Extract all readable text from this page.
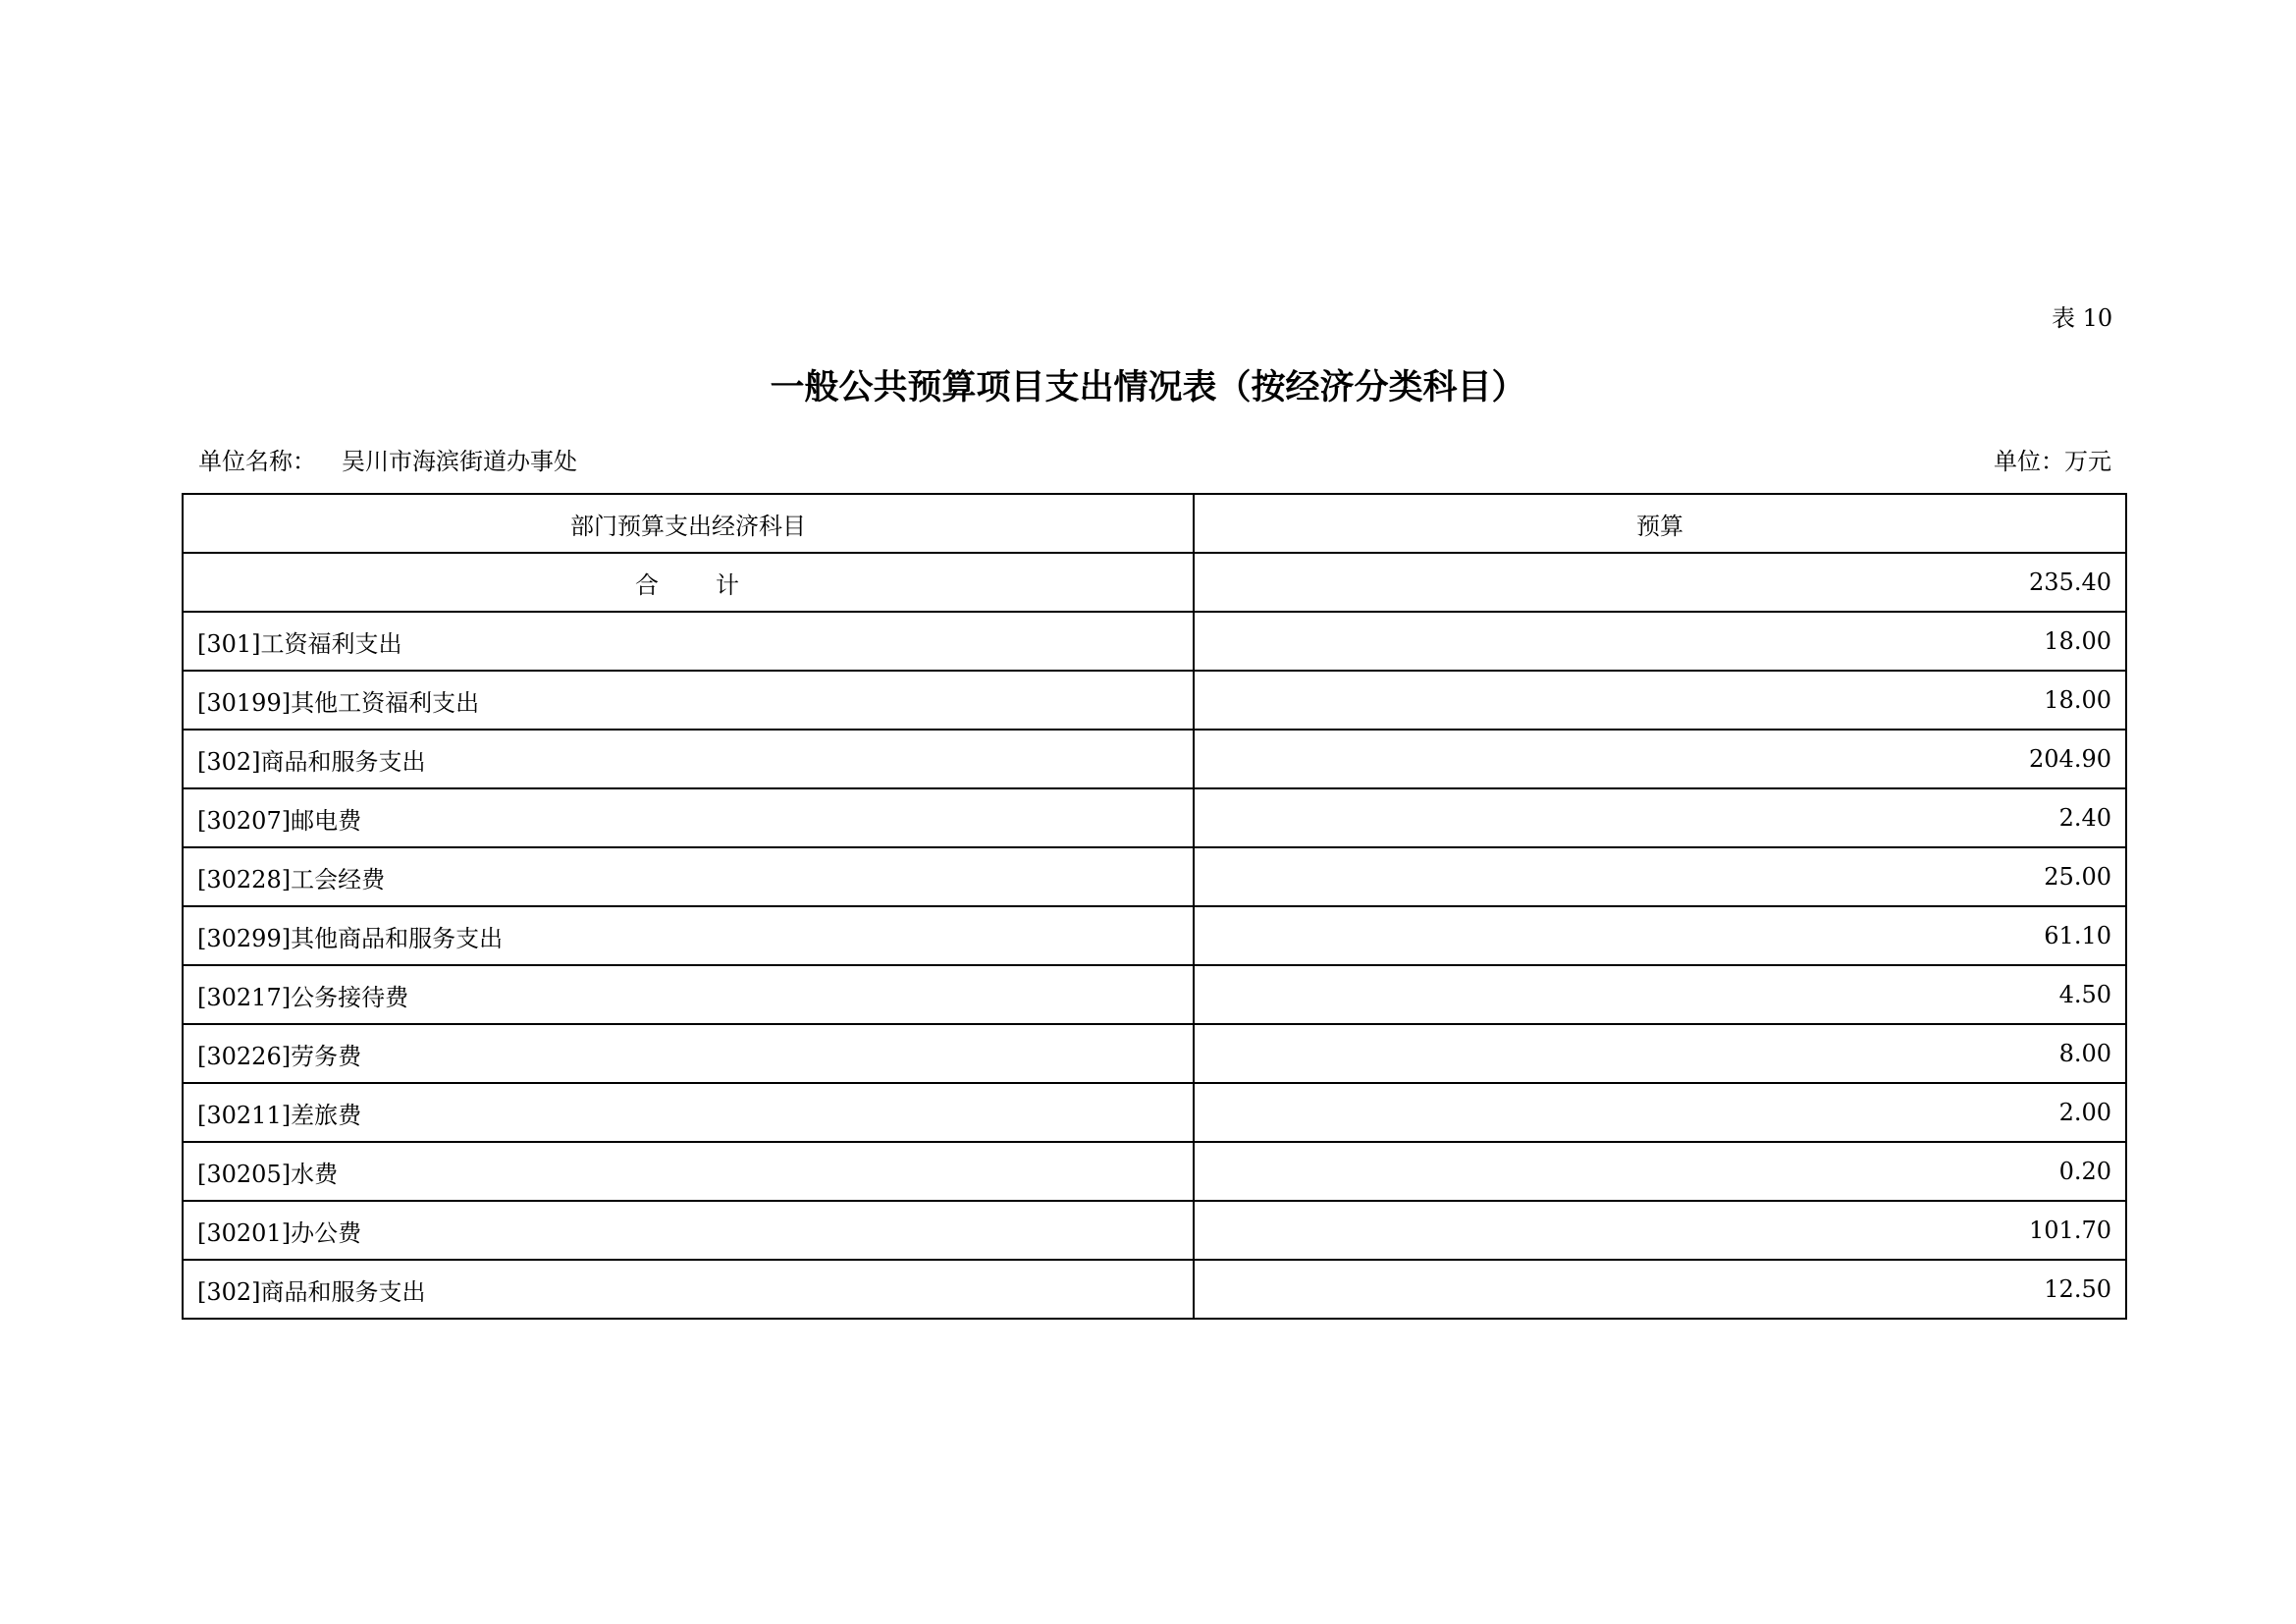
表 10
一般公共预算项目支出情况表（按经济分类科目）
单位名称： 吴川市海滨街道办事处	单位：万元
部门预算支出经济科目	预算
合 计	235.40
[301]工资福利支出	18.00
[30199]其他工资福利支出	18.00
[302]商品和服务支出	204.90
[30207]邮电费	2.40
[30228]工会经费	25.00
[30299]其他商品和服务支出	61.10
[30217]公务接待费	4.50
[30226]劳务费	8.00
[30211]差旅费	2.00
[30205]水费	0.20
[30201]办公费	101.70
[302]商品和服务支出	12.50
